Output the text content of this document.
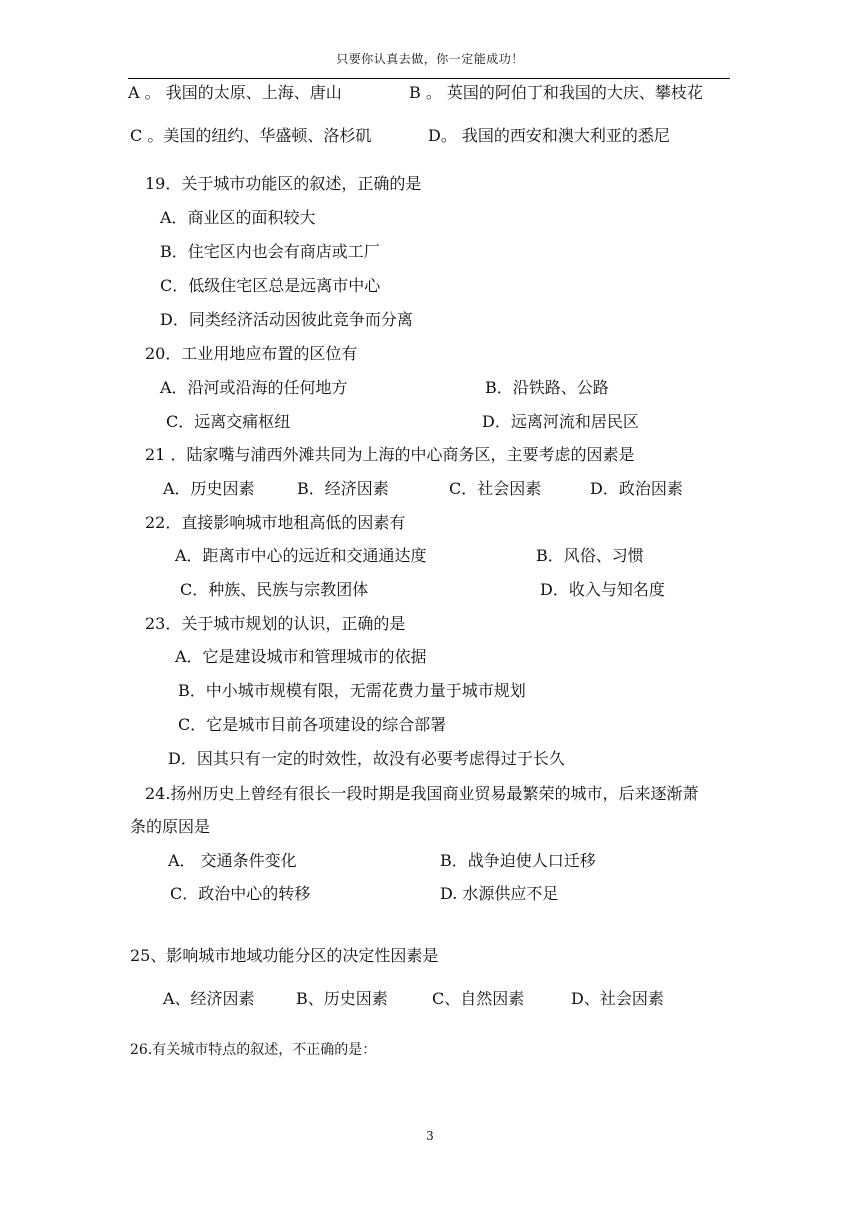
只要你认真去做，你一定能成功！
A 。 我国的太原、上海、唐山	B 。 英国的阿伯丁和我国的大庆、攀枝花
C 。美国的纽约、华盛顿、洛杉矶	D。 我国的西安和澳大利亚的悉尼
19．关于城市功能区的叙述，正确的是
A．商业区的面积较大
B．住宅区内也会有商店或工厂
C．低级住宅区总是远离市中心
D．同类经济活动因彼此竞争而分离
20．工业用地应布置的区位有
A．沿河或沿海的任何地方	B．沿铁路、公路
C．远离交痛枢纽	D．远离河流和居民区
21 ．陆家嘴与浦西外滩共同为上海的中心商务区，主要考虑的因素是
A．历史因素	B．经济因素	C．社会因素	D．政治因素
22．直接影响城市地租高低的因素有
A．距离市中心的远近和交通通达度	B．风俗、习惯
C．种族、民族与宗教团体	D．收入与知名度
23．关于城市规划的认识，正确的是
A．它是建设城市和管理城市的依据
B．中小城市规模有限，无需花费力量于城市规划
C．它是城市目前各项建设的综合部署
D．因其只有一定的时效性，故没有必要考虑得过于长久
24.扬州历史上曾经有很长一段时期是我国商业贸易最繁荣的城市，后来逐渐萧
条的原因是
A． 交通条件变化	B．战争迫使人口迁移
C．政治中心的转移	D. 水源供应不足
25、影响城市地域功能分区的决定性因素是
A、经济因素	B、历史因素	C、自然因素	D、社会因素
26.有关城市特点的叙述，不正确的是：
3
